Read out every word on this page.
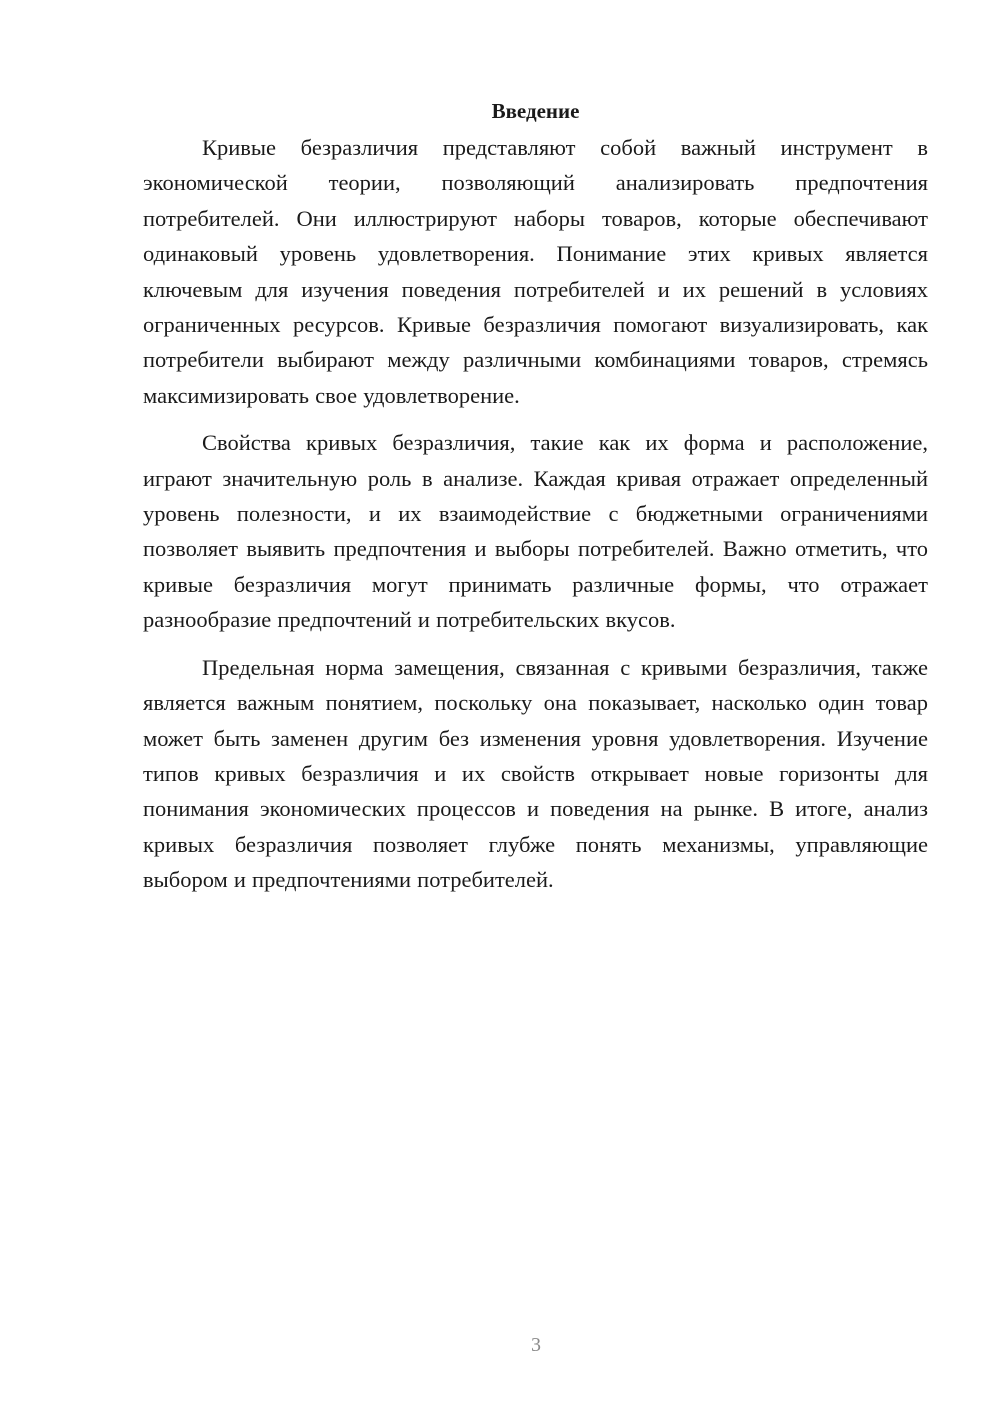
Введение

Кривые безразличия представляют собой важный инструмент в экономической теории, позволяющий анализировать предпочтения потребителей. Они иллюстрируют наборы товаров, которые обеспечивают одинаковый уровень удовлетворения. Понимание этих кривых является ключевым для изучения поведения потребителей и их решений в условиях ограниченных ресурсов. Кривые безразличия помогают визуализировать, как потребители выбирают между различными комбинациями товаров, стремясь максимизировать свое удовлетворение.

Свойства кривых безразличия, такие как их форма и расположение, играют значительную роль в анализе. Каждая кривая отражает определенный уровень полезности, и их взаимодействие с бюджетными ограничениями позволяет выявить предпочтения и выборы потребителей. Важно отметить, что кривые безразличия могут принимать различные формы, что отражает разнообразие предпочтений и потребительских вкусов.

Предельная норма замещения, связанная с кривыми безразличия, также является важным понятием, поскольку она показывает, насколько один товар может быть заменен другим без изменения уровня удовлетворения. Изучение типов кривых безразличия и их свойств открывает новые горизонты для понимания экономических процессов и поведения на рынке. В итоге, анализ кривых безразличия позволяет глубже понять механизмы, управляющие выбором и предпочтениями потребителей.

3
